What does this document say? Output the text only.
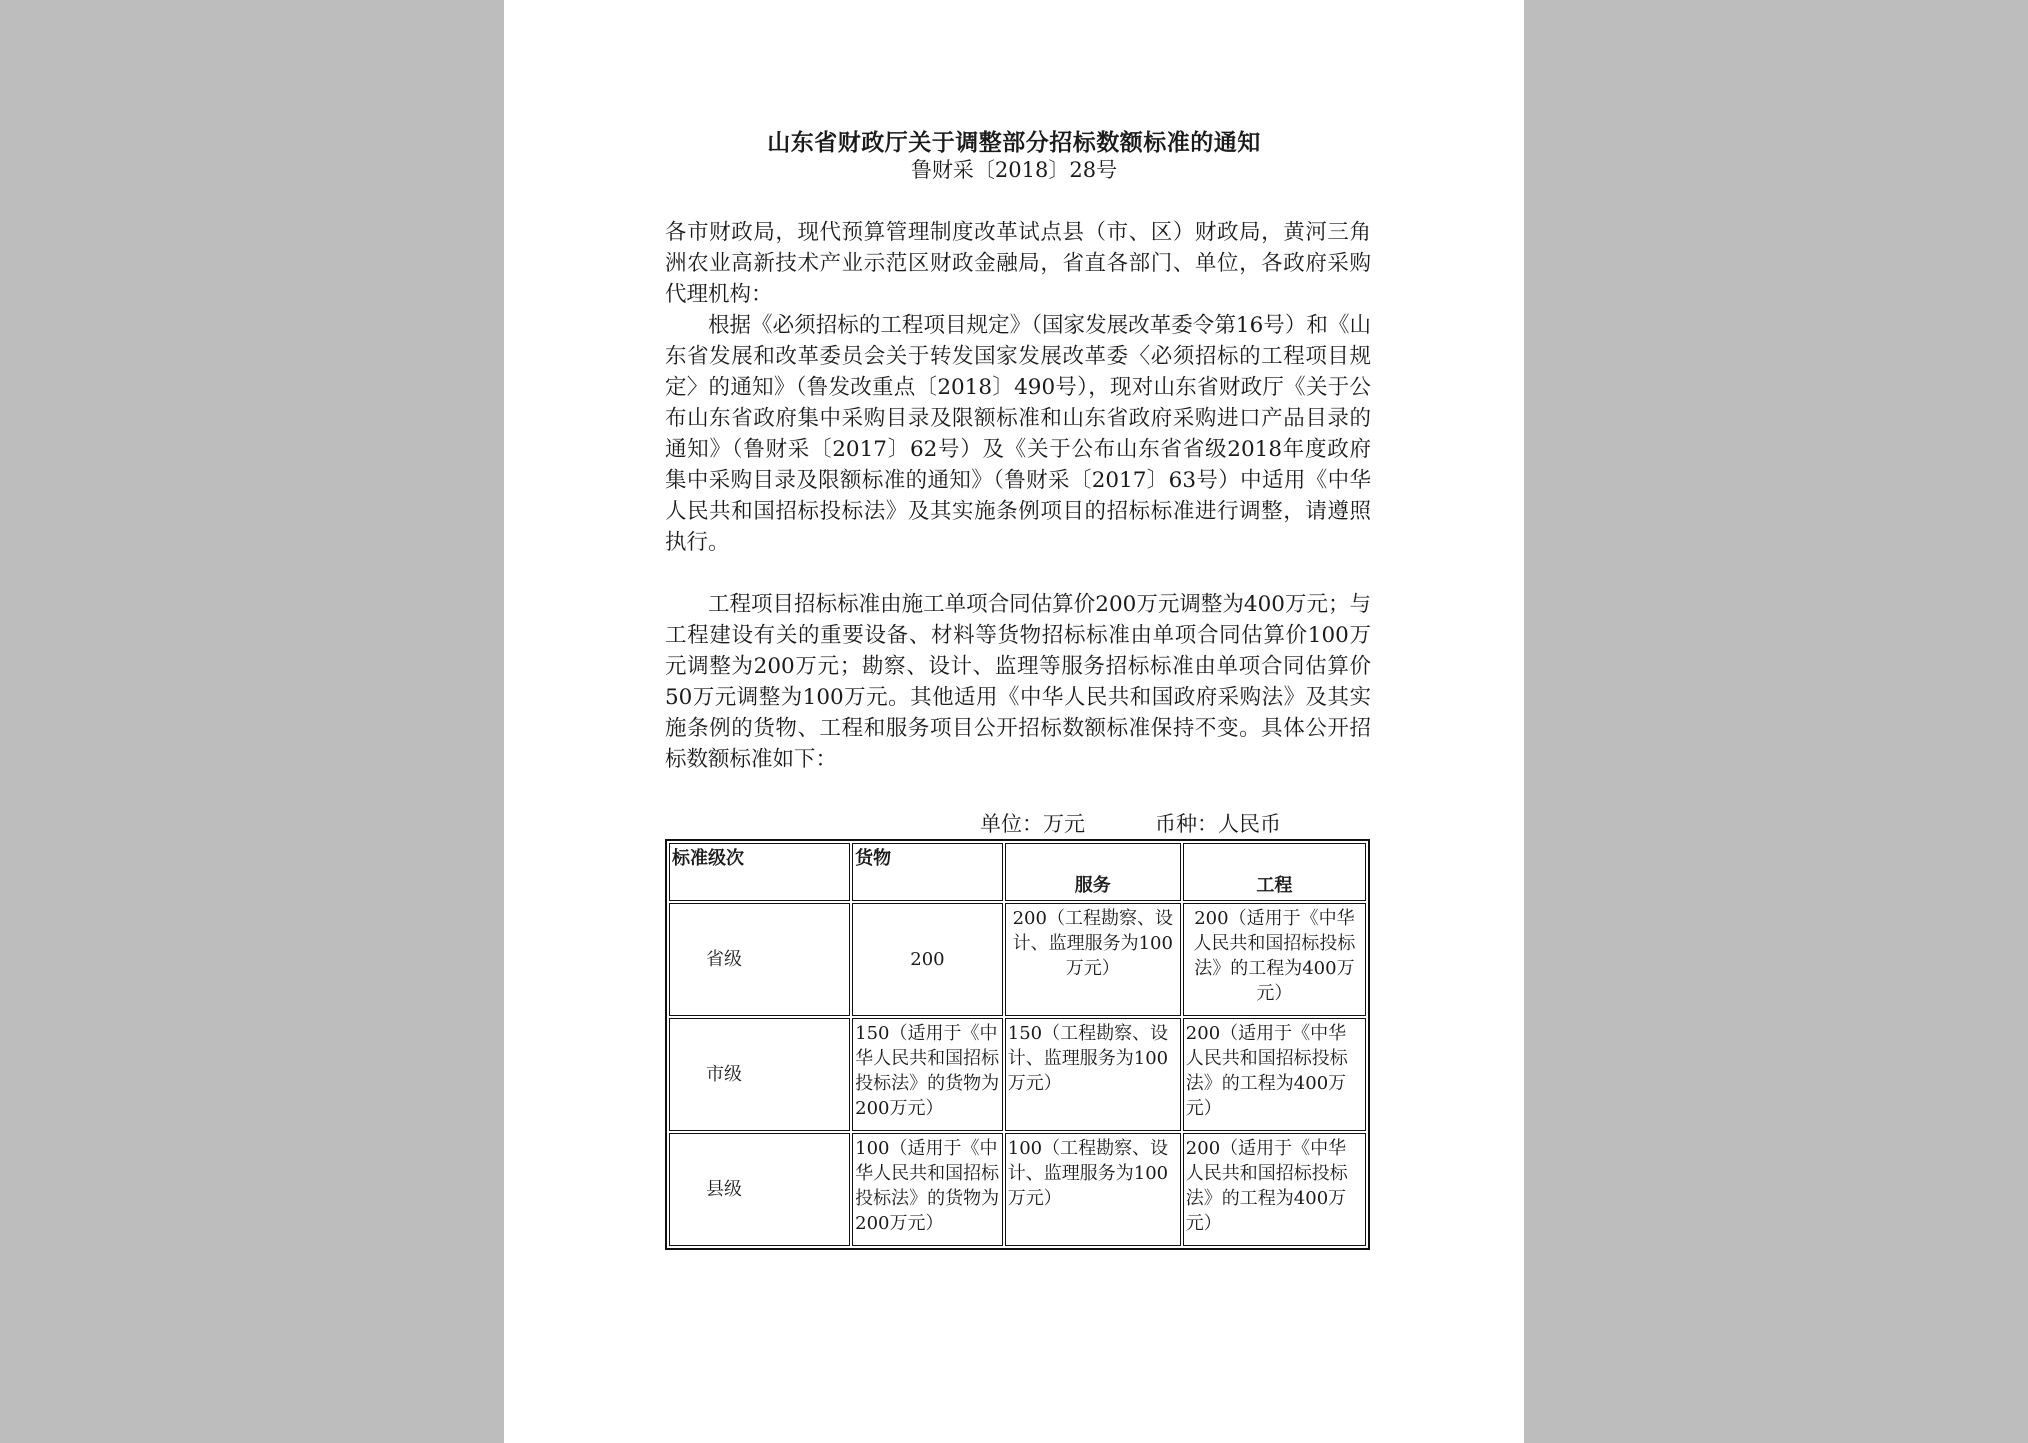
山东省财政厅关于调整部分招标数额标准的通知
鲁财采〔2018〕28号

各市财政局，现代预算管理制度改革试点县（市、区）财政局，黄河三角洲农业高新技术产业示范区财政金融局，省直各部门、单位，各政府采购代理机构：

根据《必须招标的工程项目规定》（国家发展改革委令第16号）和《山东省发展和改革委员会关于转发国家发展改革委〈必须招标的工程项目规定〉的通知》（鲁发改重点〔2018〕490号），现对山东省财政厅《关于公布山东省政府集中采购目录及限额标准和山东省政府采购进口产品目录的通知》（鲁财采〔2017〕62号）及《关于公布山东省省级2018年度政府集中采购目录及限额标准的通知》（鲁财采〔2017〕63号）中适用《中华人民共和国招标投标法》及其实施条例项目的招标标准进行调整，请遵照执行。

工程项目招标标准由施工单项合同估算价200万元调整为400万元；与工程建设有关的重要设备、材料等货物招标标准由单项合同估算价100万元调整为200万元；勘察、设计、监理等服务招标标准由单项合同估算价50万元调整为100万元。其他适用《中华人民共和国政府采购法》及其实施条例的货物、工程和服务项目公开招标数额标准保持不变。具体公开招标数额标准如下：

单位：万元	币种：人民币
标准级次	货物	服务	工程
省级	200	200（工程勘察、设计、监理服务为100万元）	200（适用于《中华人民共和国招标投标法》的工程为400万元）
市级	150（适用于《中华人民共和国招标投标法》的货物为200万元）	150（工程勘察、设计、监理服务为100万元）	200（适用于《中华人民共和国招标投标法》的工程为400万元）
县级	100（适用于《中华人民共和国招标投标法》的货物为200万元）	100（工程勘察、设计、监理服务为100万元）	200（适用于《中华人民共和国招标投标法》的工程为400万元）
